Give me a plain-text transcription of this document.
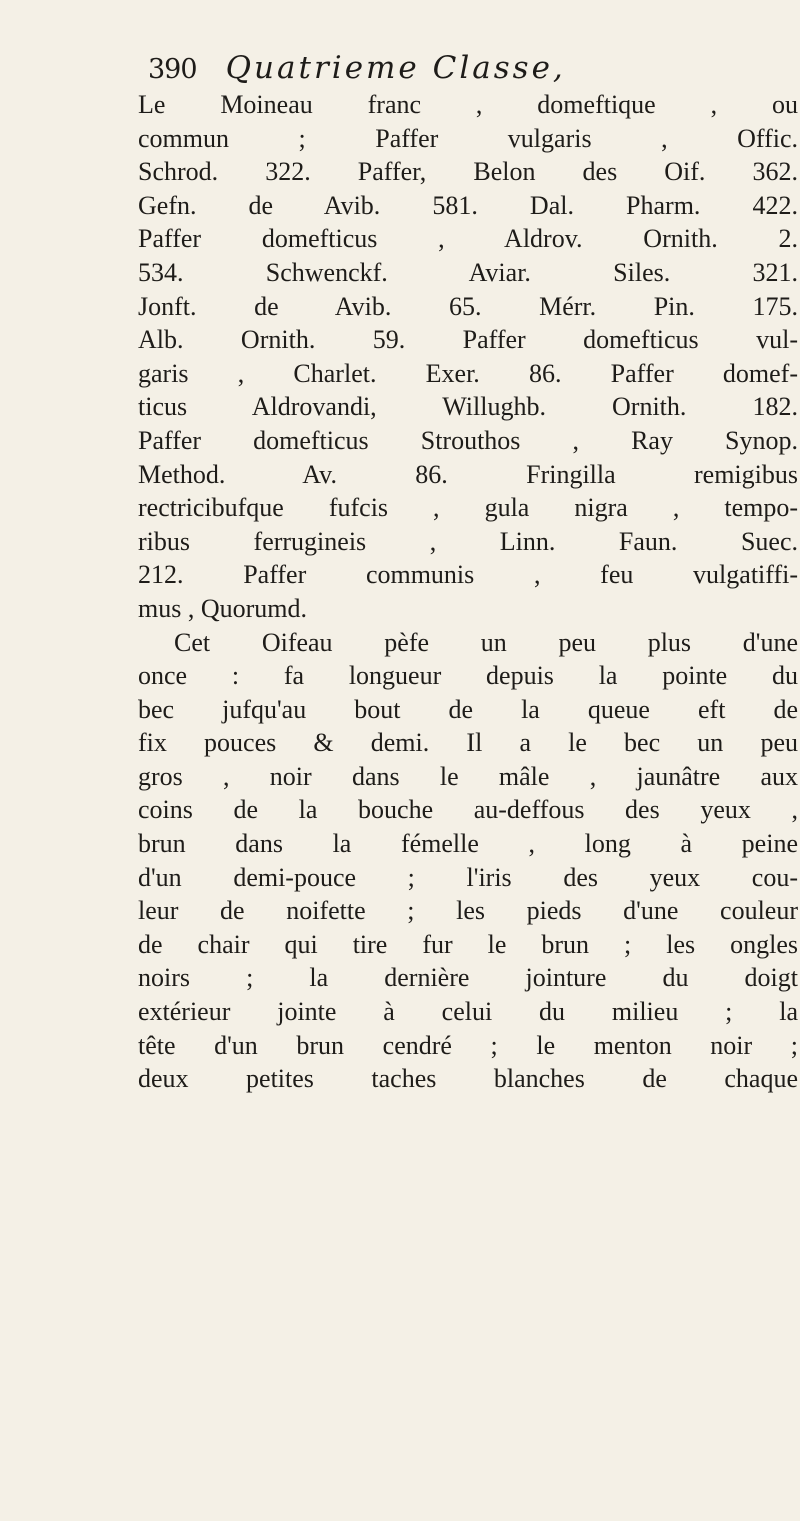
390 Quatrieme Classe,
Le Moineau franc , domeftique , ou
commun ; Paffer vulgaris , Offic.
Schrod. 322. Paffer, Belon des Oif. 362.
Gefn. de Avib. 581. Dal. Pharm. 422.
Paffer domefticus , Aldrov. Ornith. 2.
534. Schwenckf. Aviar. Siles. 321.
Jonft. de Avib. 65. Mérr. Pin. 175.
Alb. Ornith. 59. Paffer domefticus vul-
garis , Charlet. Exer. 86. Paffer domef-
ticus Aldrovandi, Willughb. Ornith. 182.
Paffer domefticus Strouthos , Ray Synop.
Method. Av. 86. Fringilla remigibus
rectricibufque fufcis , gula nigra , tempo-
ribus ferrugineis , Linn. Faun. Suec.
212. Paffer communis , feu vulgatiffi-
mus , Quorumd.
Cet Oifeau pèfe un peu plus d'une
once : fa longueur depuis la pointe du
bec jufqu'au bout de la queue eft de
fix pouces & demi. Il a le bec un peu
gros , noir dans le mâle , jaunâtre aux
coins de la bouche au-deffous des yeux ,
brun dans la fémelle , long à peine
d'un demi-pouce ; l'iris des yeux cou-
leur de noifette ; les pieds d'une couleur
de chair qui tire fur le brun ; les ongles
noirs ; la dernière jointure du doigt
extérieur jointe à celui du milieu ; la
tête d'un brun cendré ; le menton noir ;
deux petites taches blanches de chaque
